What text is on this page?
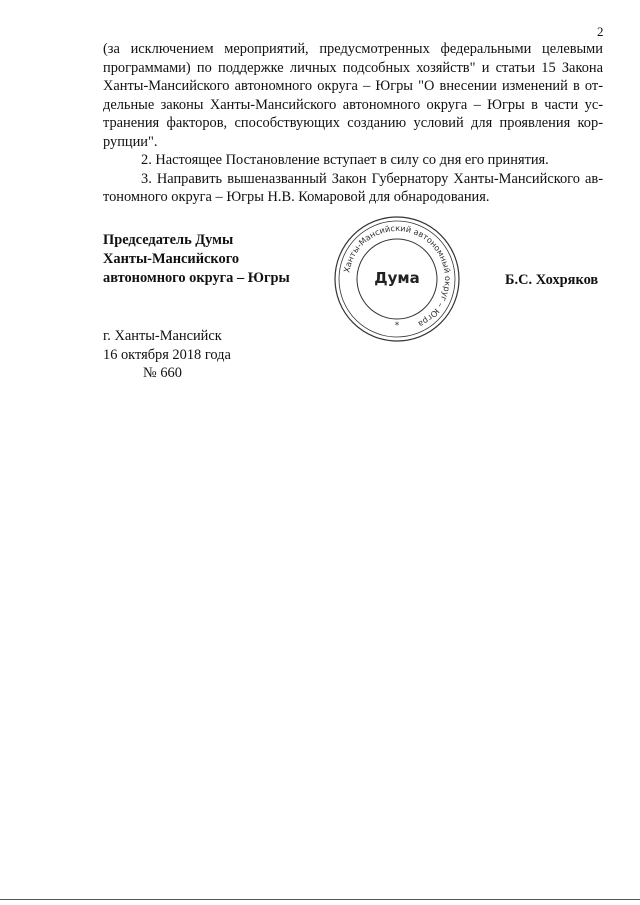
2
(за исключением мероприятий, предусмотренных федеральными целевыми
программами) по поддержке личных подсобных хозяйств" и статьи 15 Закона
Ханты-Мансийского автономного округа – Югры "О внесении изменений в от-
дельные законы Ханты-Мансийского автономного округа – Югры в части ус-
транения факторов, способствующих созданию условий для проявления кор-
рупции".
2. Настоящее Постановление вступает в силу со дня его принятия.
3. Направить вышеназванный Закон Губернатору Ханты-Мансийского ав-
тономного округа – Югры Н.В. Комаровой для обнародования.
Председатель Думы
Ханты-Мансийского
автономного округа – Югры
Ханты-Мансийский автономный округ – Югра
Дума
*
Б.С. Хохряков
г. Ханты-Мансийск
16 октября 2018 года
№ 660
